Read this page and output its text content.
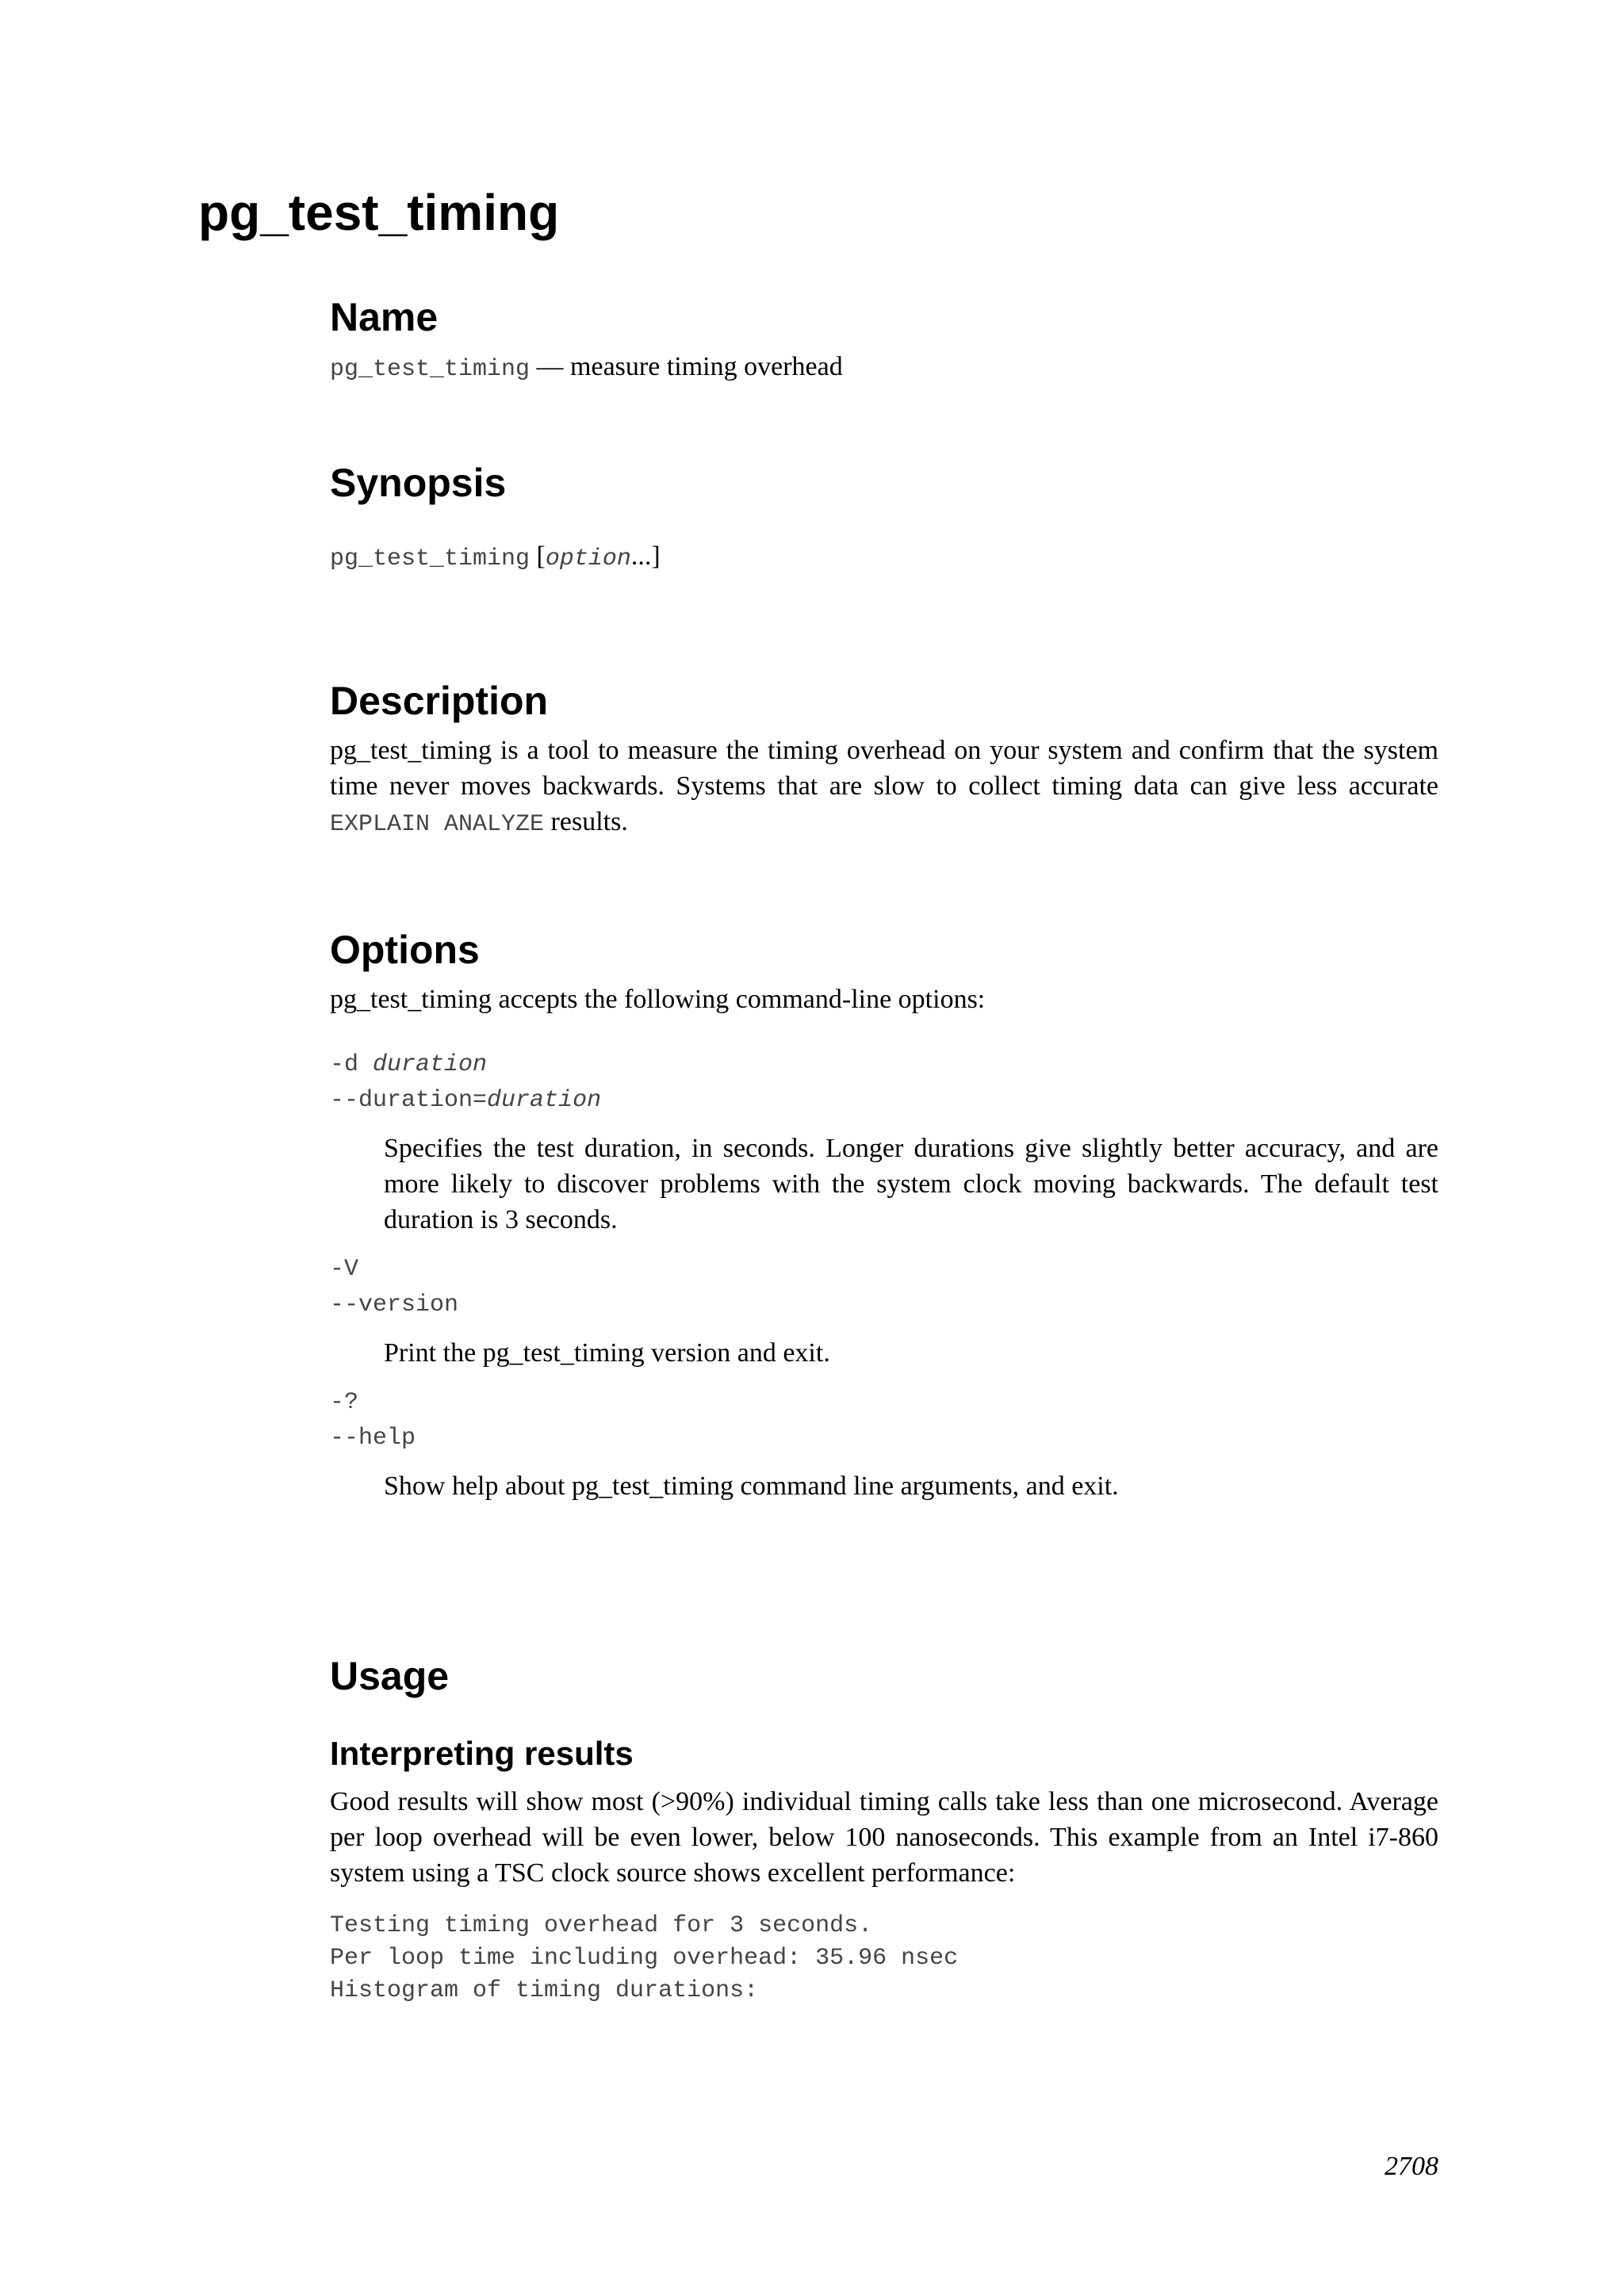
pg_test_timing
Name

pg_test_timing — measure timing overhead

Synopsis

pg_test_timing [option...]

Description

pg_test_timing is a tool to measure the timing overhead on your system and confirm that the system time never moves backwards. Systems that are slow to collect timing data can give less accurate EXPLAIN ANALYZE results.

Options

pg_test_timing accepts the following command-line options:

-d duration

--duration=duration

Specifies the test duration, in seconds. Longer durations give slightly better accuracy, and are more likely to discover problems with the system clock moving backwards. The default test duration is 3 seconds.

-V

--version

Print the pg_test_timing version and exit.

-?

--help

Show help about pg_test_timing command line arguments, and exit.

Usage
Interpreting results

Good results will show most (>90%) individual timing calls take less than one microsecond. Average per loop overhead will be even lower, below 100 nanoseconds. This example from an Intel i7-860 system using a TSC clock source shows excellent performance:

Testing timing overhead for 3 seconds.
Per loop time including overhead: 35.96 nsec
Histogram of timing durations:
2708
